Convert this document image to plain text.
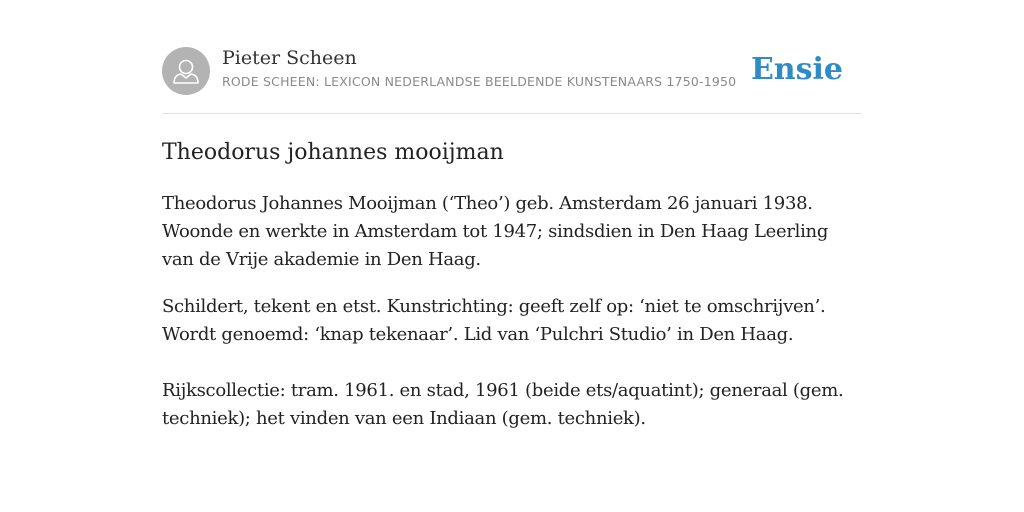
Pieter Scheen
RODE SCHEEN: LEXICON NEDERLANDSE BEELDENDE KUNSTENAARS 1750-1950 Ensie
Theodorus johannes mooijman

Theodorus Johannes Mooijman (‘Theo’) geb. Amsterdam 26 januari 1938. Woonde en werkte in Amsterdam tot 1947; sindsdien in Den Haag Leerling van de Vrije akademie in Den Haag.

Schildert, tekent en etst. Kunstrichting: geeft zelf op: ‘niet te omschrijven’. Wordt genoemd: ‘knap tekenaar’. Lid van ‘Pulchri Studio’ in Den Haag.

Rijkscollectie: tram. 1961. en stad, 1961 (beide ets/aquatint); generaal (gem. techniek); het vinden van een Indiaan (gem. techniek).
